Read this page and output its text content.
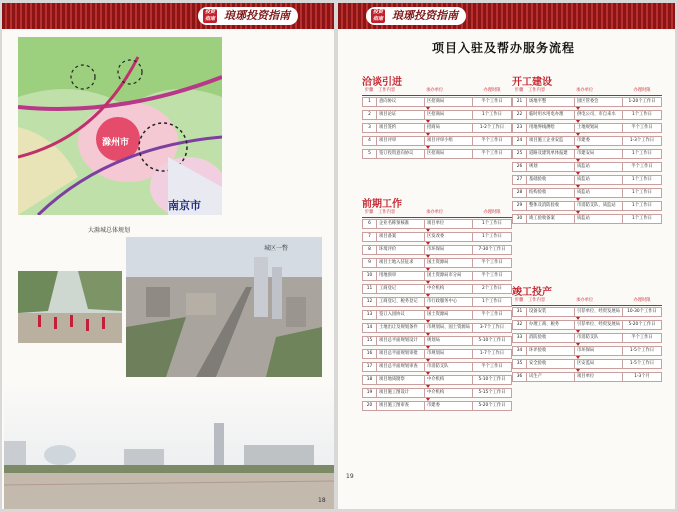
投资指南 琅琊投资指南
南京市
滁州市
大滁城总体规划
城区一瞥
18
投资指南 琅琊投资指南
项目入驻及帮办服务流程
洽谈引进
步骤	工作内容	承办单位	办理时限
1	意向协议	区招商局	半个工作日
2	项目论证	区招商局	1个工作日
3	项目签约	招商局	1-2个工作日
4	项目评审	项目评审小组	半个工作日
5	签订投资意向协议	区招商局	半个工作日
前期工作
步骤	工作内容	承办单位	办理时限
6	企业名称预核准	项目单位	1个工作日
7	项目备案	区发改委	1个工作日
8	环境评价	市环保局	7-30个工作日
9	项目土地入驻征求	国土资源局	半个工作日
10	用地预审	国土资源局市分局	半个工作日
11	工商登记	中介机构	2个工作日
12	工商登记、税务登记	市行政服务中心	1个工作日
13	签订入园协议	国土资源局	半个工作日
14	土地出让及规划条件	市规划局、国土资源局	3-7个工作日
15	项目总平面规划设计	规划局	5-10个工作日
16	项目总平面规划审批	市规划局	1-7个工作日
17	项目总平面规划审查	市消防支队	半个工作日
18	项目地质勘察	中介机构	5-10个工作日
19	项目施工图设计	中介机构	5-15个工作日
20	项目施工图审查	市建委	5-20个工作日
开工建设
步骤	工作内容	承办单位	办理时限
21	场地平整	园区管委会	1-20个工作日
22	临时用水用电办理	供电公司、市自来水	1个工作日
23	用地界线测绘	土地规划局	半个工作日
24	项目施工企业安监	市建委	1-3个工作日
25	道路及建筑单体报建	市建安局	1个工作日
26	规划	质监站	半个工作日
27	基础验收	质监站	1个工作日
28	结构验收	质监站	1个工作日
29	整体及消防验收	市消防支队、质监站	1个工作日
30	竣工验收备案	质监站	1个工作日
竣工投产
步骤	工作内容	承办单位	办理时限
31	设备安装	引荐单位、经贸发展局	10-30个工作日
32	办理工商、税务	引荐单位、经贸发展局	5-20个工作日
33	消防验收	市消防支队	半个工作日
34	环评验收	市环保局	1-5个工作日
35	安全验收	区安监局	1-5个工作日
36	试生产	项目单位	1-3个月
19
